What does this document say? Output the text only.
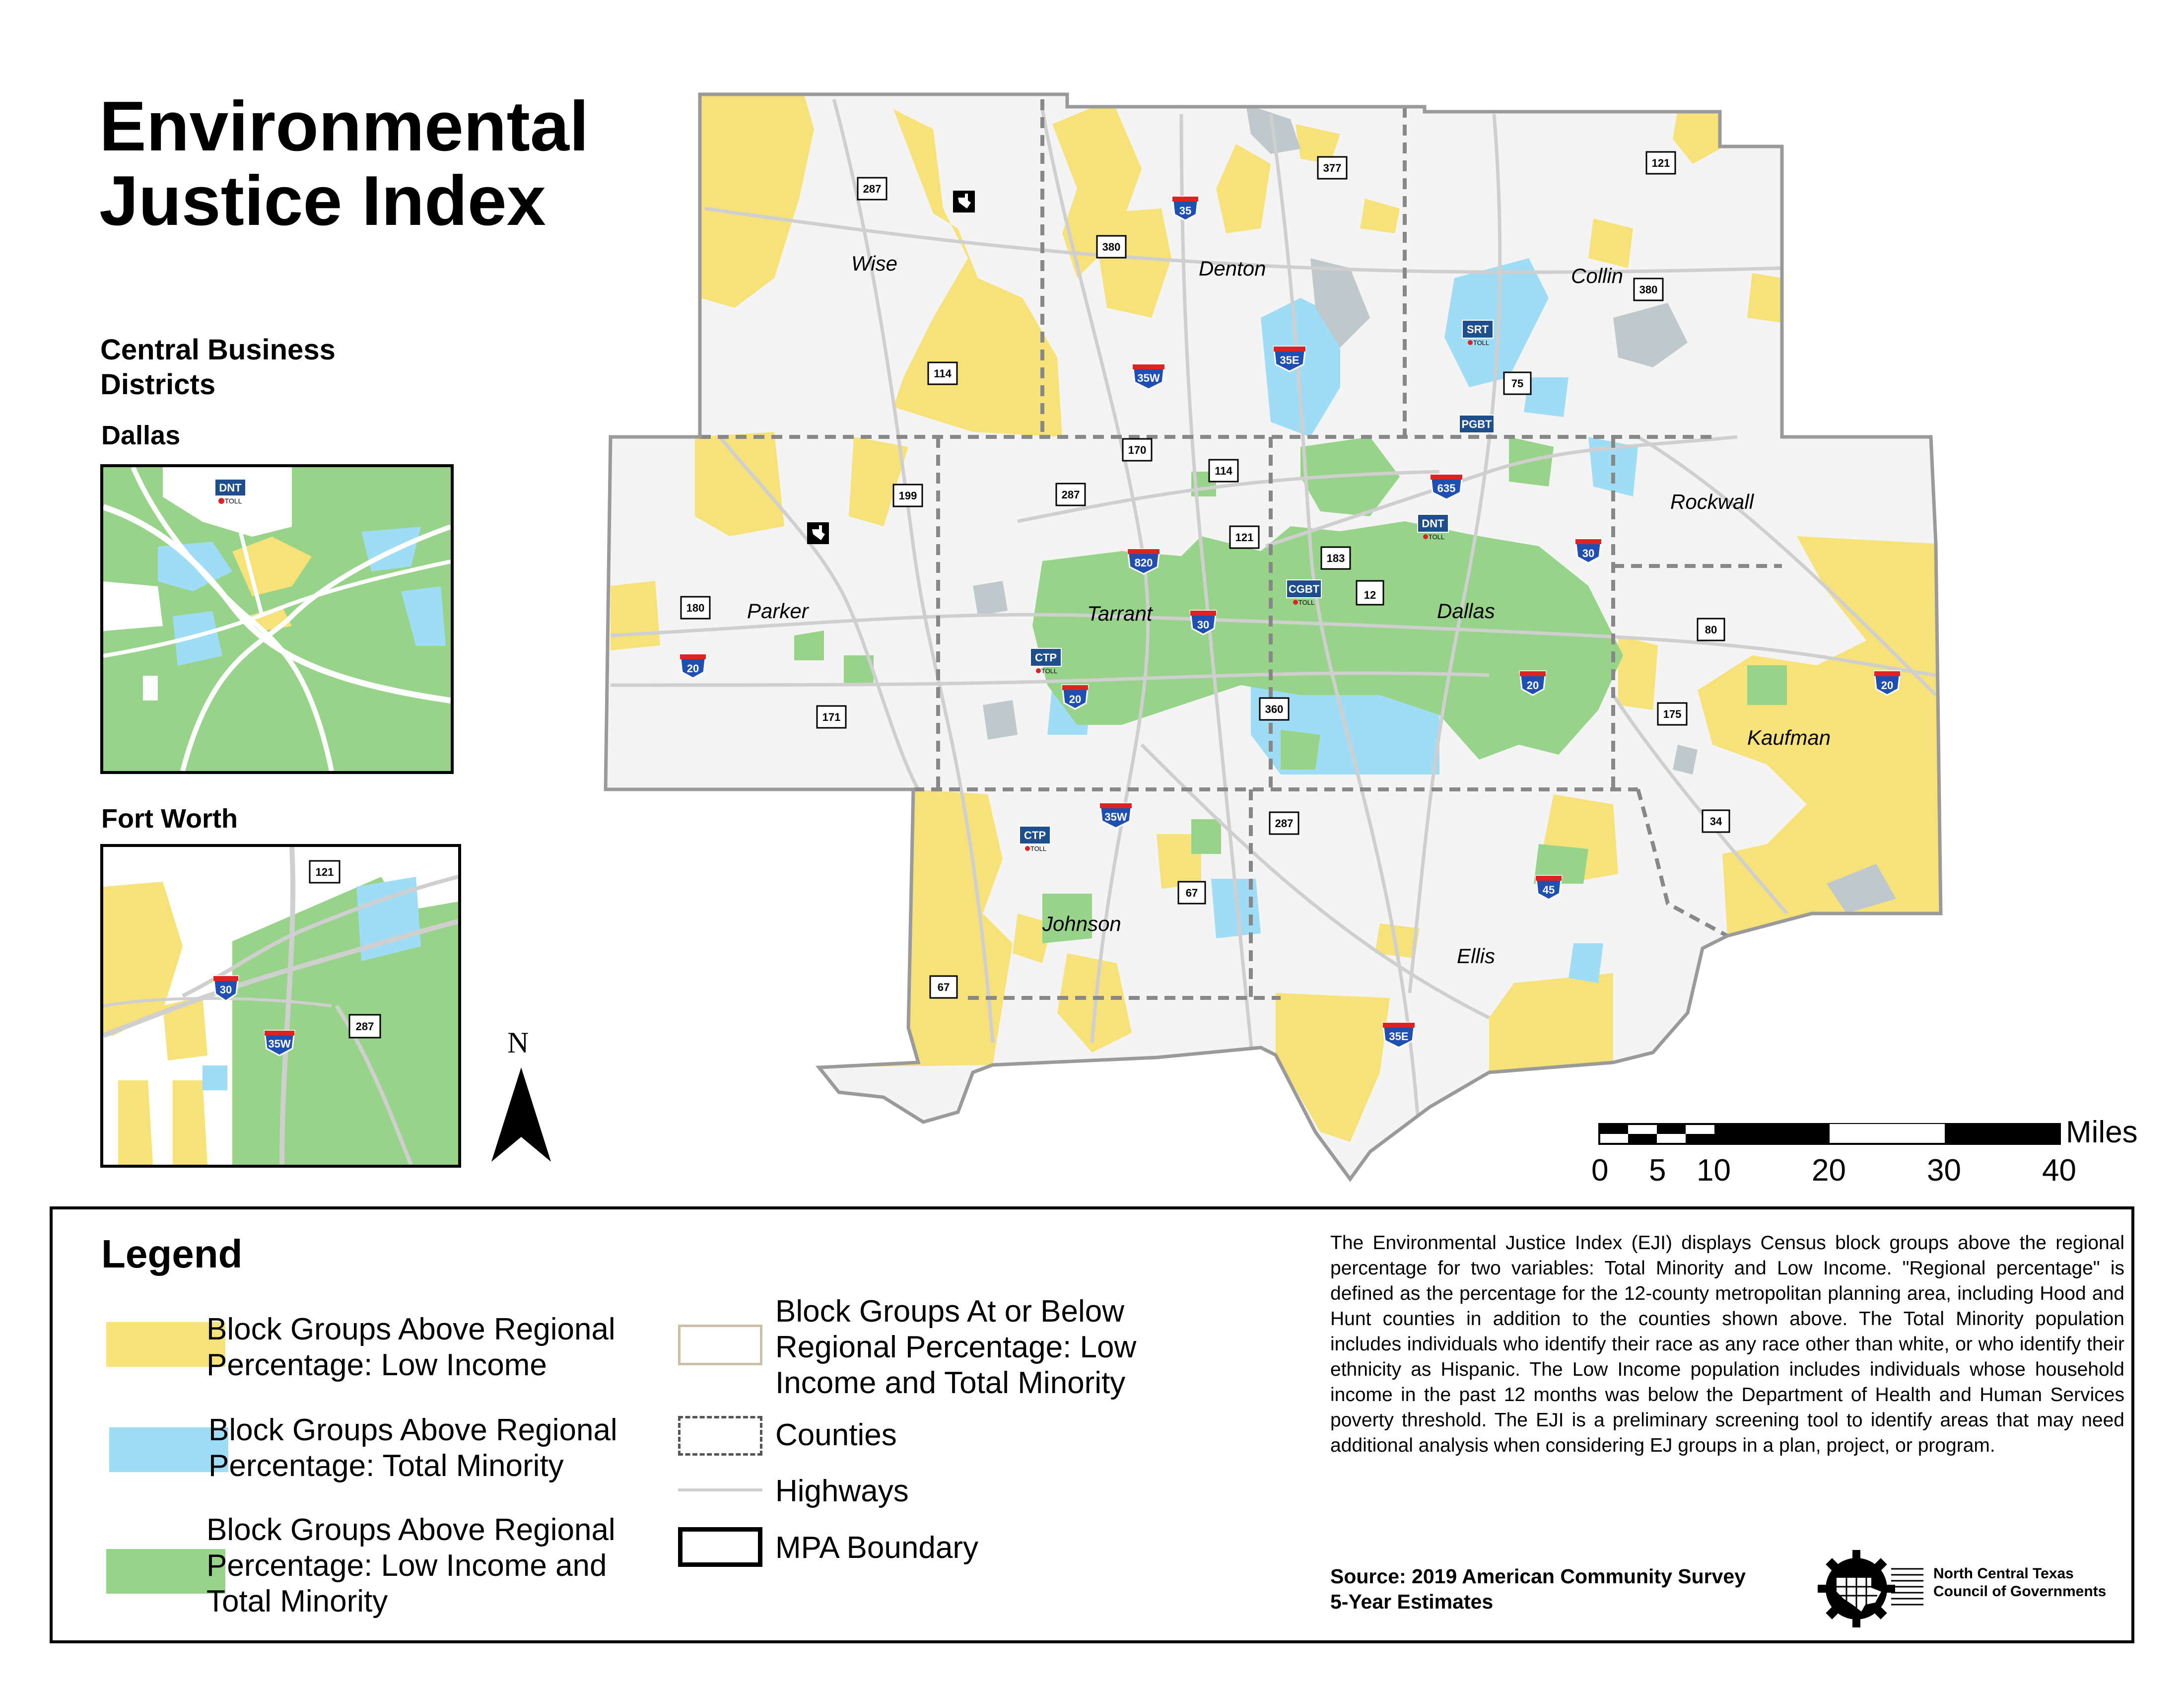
Environmental Justice Index
Central Business Districts
Dallas
DNT
TOLL
Fort Worth
121
30
35W
287	N
Wise	Denton	Collin
Parker	Tarrant	Dallas
Rockwall
Kaufman
Johnson
Ellis
287
380
114
377
380
121
75
170
114
287
199
121
183
12
180
80
360	175
171
287
67
34
67
35
35E
35W
635
820
30
30
20
20
20	20
35W
45
35E
SRT
TOLL
PGBT
DNT
TOLL
CGBT
TOLL
CTP
TOLL
CTP
TOLL
Miles
0 5 10	20	30	40
Legend
Block Groups Above Regional Percentage: Low Income
Block Groups Above Regional Percentage: Total Minority
Block Groups Above Regional Percentage: Low Income and Total Minority
Block Groups At or Below Regional Percentage: Low Income and Total Minority
Counties
Highways
MPA Boundary
The Environmental Justice Index (EJI) displays Census block groups above the regional percentage for two variables: Total Minority and Low Income. "Regional percentage" is defined as the percentage for the 12-county metropolitan planning area, including Hood and Hunt counties in addition to the counties shown above. The Total Minority population includes individuals who identify their race as any race other than white, or who identify their ethnicity as Hispanic. The Low Income population includes individuals whose household income in the past 12 months was below the Department of Health and Human Services poverty threshold. The EJI is a preliminary screening tool to identify areas that may need additional analysis when considering EJ groups in a plan, project, or program.
Source: 2019 American Community Survey
5-Year Estimates
North Central Texas
Council of Governments
